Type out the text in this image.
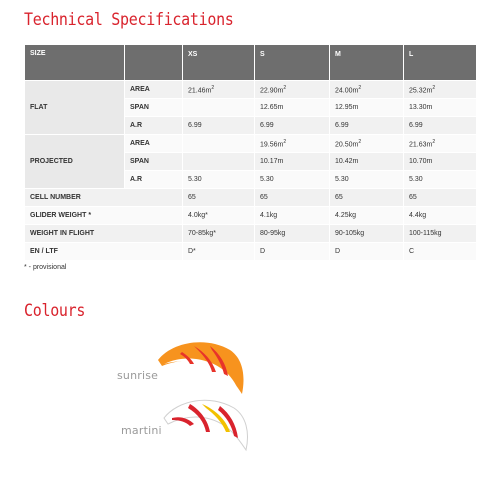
Technical Specifications
SIZE		XS	S	M	L
FLAT	AREA	$21.46m^2$	$22.90m^2$	$24.00m^2$	$25.32m^2$
	SPAN		12.65m	12.95m	13.30m
	A.R	6.99	6.99	6.99	6.99
PROJECTED	AREA		$19.56m^2$	$20.50m^2$	$21.63m^2$
	SPAN		10.17m	10.42m	10.70m
	A.R	5.30	5.30	5.30	5.30
CELL NUMBER		65	65	65	65
GLIDER WEIGHT *		4.0kg*	4.1kg	4.25kg	4.4kg
WEIGHT IN FLIGHT		70-85kg*	80-95kg	90-105kg	100-115kg
EN / LTF		D*	D	D	C
* - provisional
Colours
sunrise
martini
